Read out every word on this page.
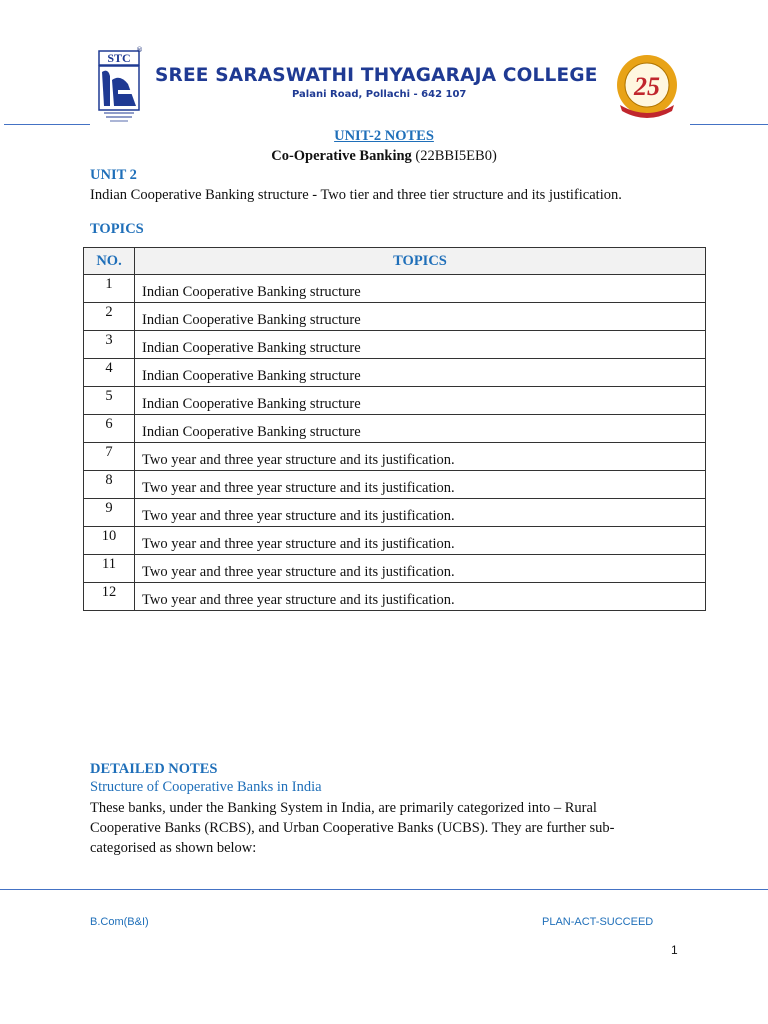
STC
®
SREE SARASWATHI THYAGARAJA COLLEGE
Palani Road, Pollachi - 642 107	25
UNIT-2 NOTES
Co-Operative Banking (22BBI5EB0)
UNIT 2
Indian Cooperative Banking structure - Two tier and three tier structure and its justification.
TOPICS
NO.	TOPICS
1	Indian Cooperative Banking structure
2	Indian Cooperative Banking structure
3	Indian Cooperative Banking structure
4	Indian Cooperative Banking structure
5	Indian Cooperative Banking structure
6	Indian Cooperative Banking structure
7	Two year and three year structure and its justification.
8	Two year and three year structure and its justification.
9	Two year and three year structure and its justification.
10	Two year and three year structure and its justification.
11	Two year and three year structure and its justification.
12	Two year and three year structure and its justification.
DETAILED NOTES
Structure of Cooperative Banks in India
These banks, under the Banking System in India, are primarily categorized into – Rural Cooperative Banks (RCBS), and Urban Cooperative Banks (UCBS). They are further sub-categorised as shown below:
B.Com(B&I)	PLAN-ACT-SUCCEED
1
